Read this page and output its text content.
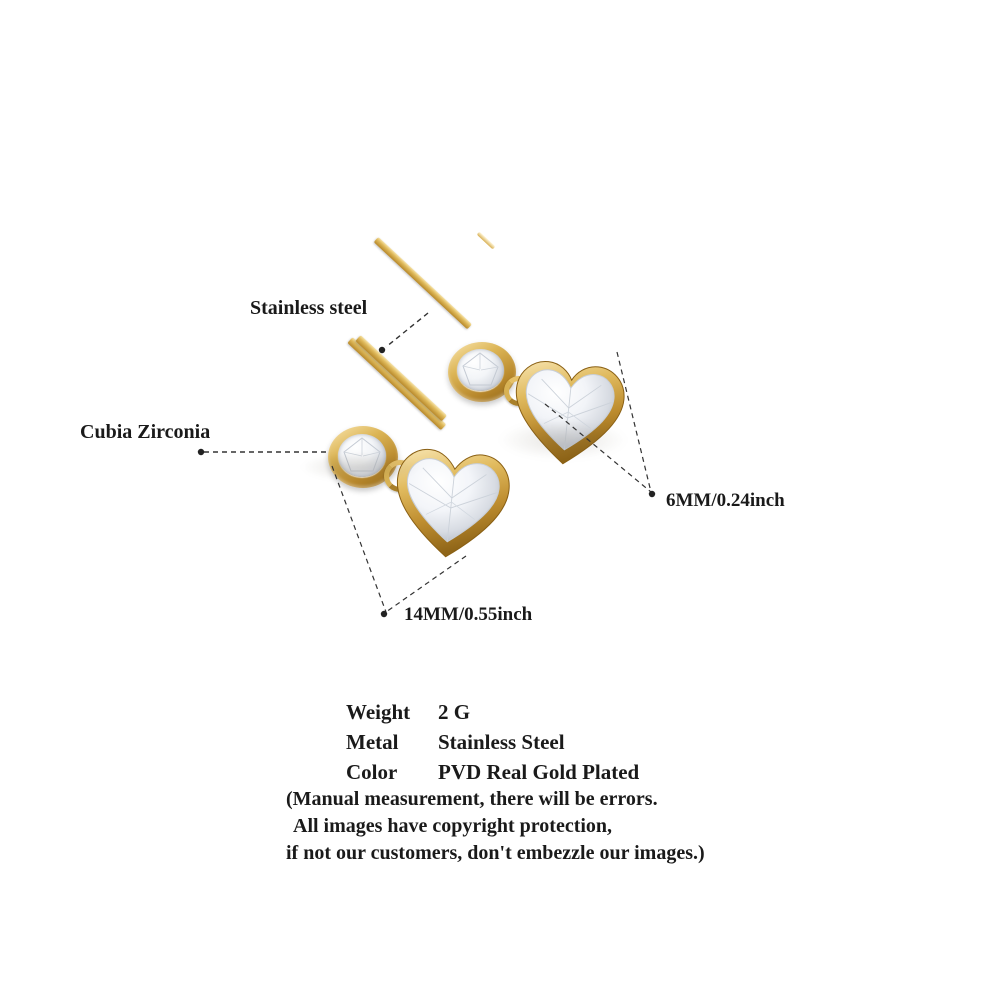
Stainless steel
Cubia Zirconia
6MM/0.24inch
14MM/0.55inch
Weight	2 G
Metal	Stainless Steel
Color	PVD Real Gold Plated
(Manual measurement, there will be errors.
All images have copyright protection,
if not our customers, don't embezzle our images.)
